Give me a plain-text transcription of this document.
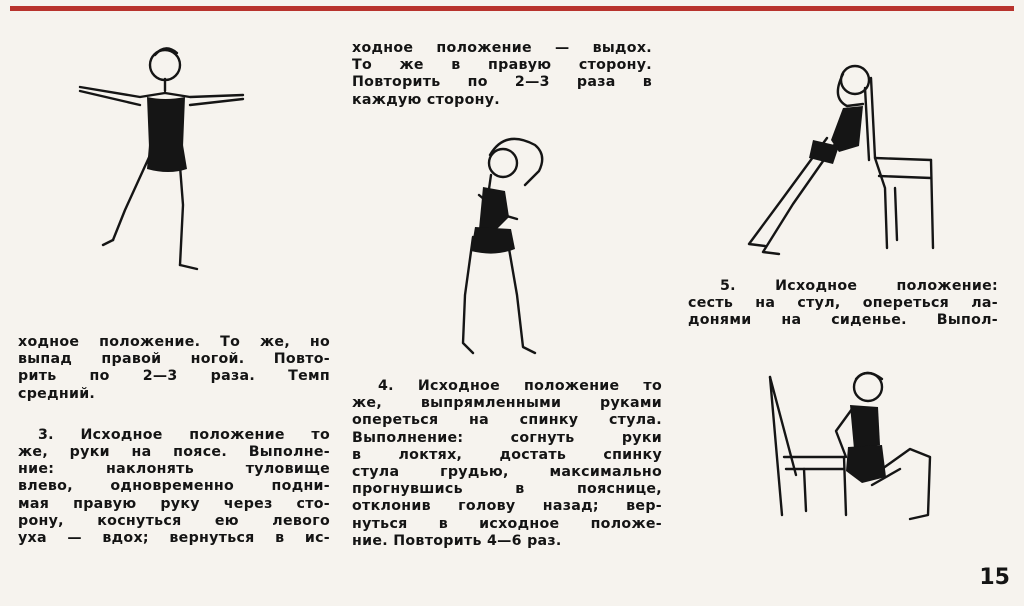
ходное положение. То же, но
выпад правой ногой. Повто-
рить по 2—3 раза. Темп
средний.

3. Исходное положение то
же, руки на поясе. Выполне-
ние: наклонять туловище
влево, одновременно подни-
мая правую руку через сто-
рону, коснуться ею левого
уха — вдох; вернуться в ис-

ходное положение — выдох.
То же в правую сторону.
Повторить по 2—3 раза в
каждую сторону.

4. Исходное положение то
же, выпрямленными руками
опереться на спинку стула.
Выполнение: согнуть руки
в локтях, достать спинку
стула грудью, максимально
прогнувшись в пояснице,
отклонив голову назад; вер-
нуться в исходное положе-
ние. Повторить 4—6 раз.

5. Исходное положение:
сесть на стул, опереться ла-
донями на сиденье. Выпол-

15
